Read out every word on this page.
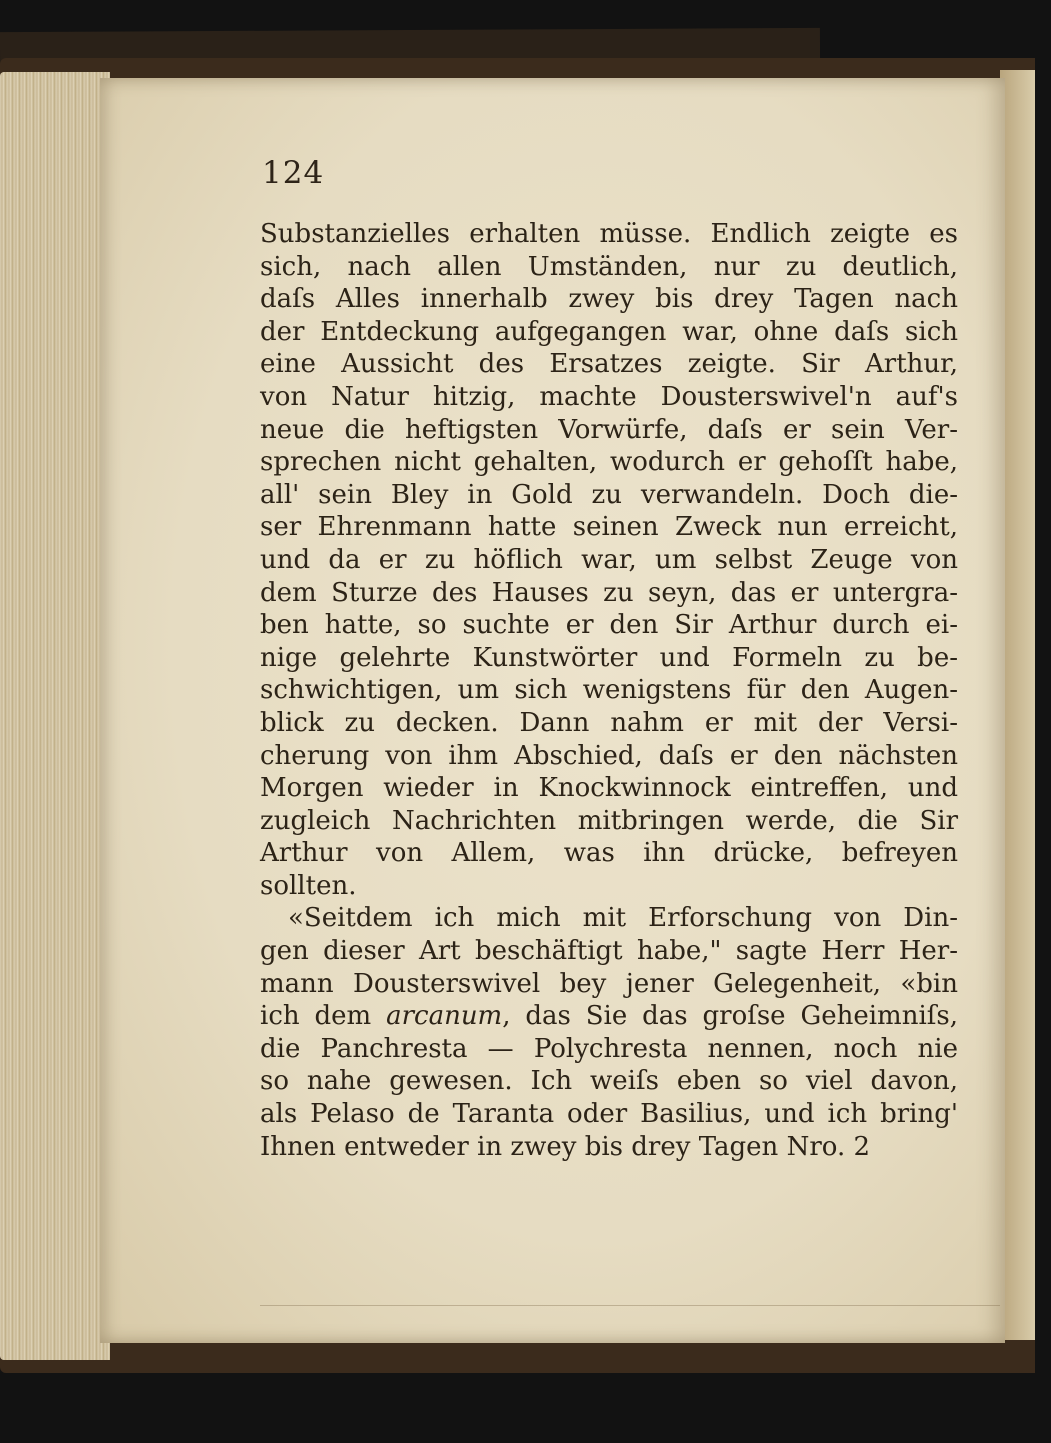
124
Substanzielles erhalten müsse. Endlich zeigte es
sich, nach allen Umständen, nur zu deutlich,
daſs Alles innerhalb zwey bis drey Tagen nach
der Entdeckung aufgegangen war, ohne daſs sich
eine Aussicht des Ersatzes zeigte. Sir Arthur,
von Natur hitzig, machte Dousterswivel'n auf's
neue die heftigsten Vorwürfe, daſs er sein Ver-
sprechen nicht gehalten, wodurch er gehoſſt habe,
all' sein Bley in Gold zu verwandeln. Doch die-
ser Ehrenmann hatte seinen Zweck nun erreicht,
und da er zu höflich war, um selbst Zeuge von
dem Sturze des Hauses zu seyn, das er untergra-
ben hatte, so suchte er den Sir Arthur durch ei-
nige gelehrte Kunstwörter und Formeln zu be-
schwichtigen, um sich wenigstens für den Augen-
blick zu decken. Dann nahm er mit der Versi-
cherung von ihm Abschied, daſs er den nächsten
Morgen wieder in Knockwinnock eintreffen, und
zugleich Nachrichten mitbringen werde, die Sir
Arthur von Allem, was ihn drücke, befreyen
sollten.
«Seitdem ich mich mit Erforschung von Din-
gen dieser Art beschäftigt habe," sagte Herr Her-
mann Dousterswivel bey jener Gelegenheit, «bin
ich dem arcanum, das Sie das groſse Geheimniſs,
die Panchresta — Polychresta nennen, noch nie
so nahe gewesen. Ich weiſs eben so viel davon,
als Pelaso de Taranta oder Basilius, und ich bring'
Ihnen entweder in zwey bis drey Tagen Nro. 2
